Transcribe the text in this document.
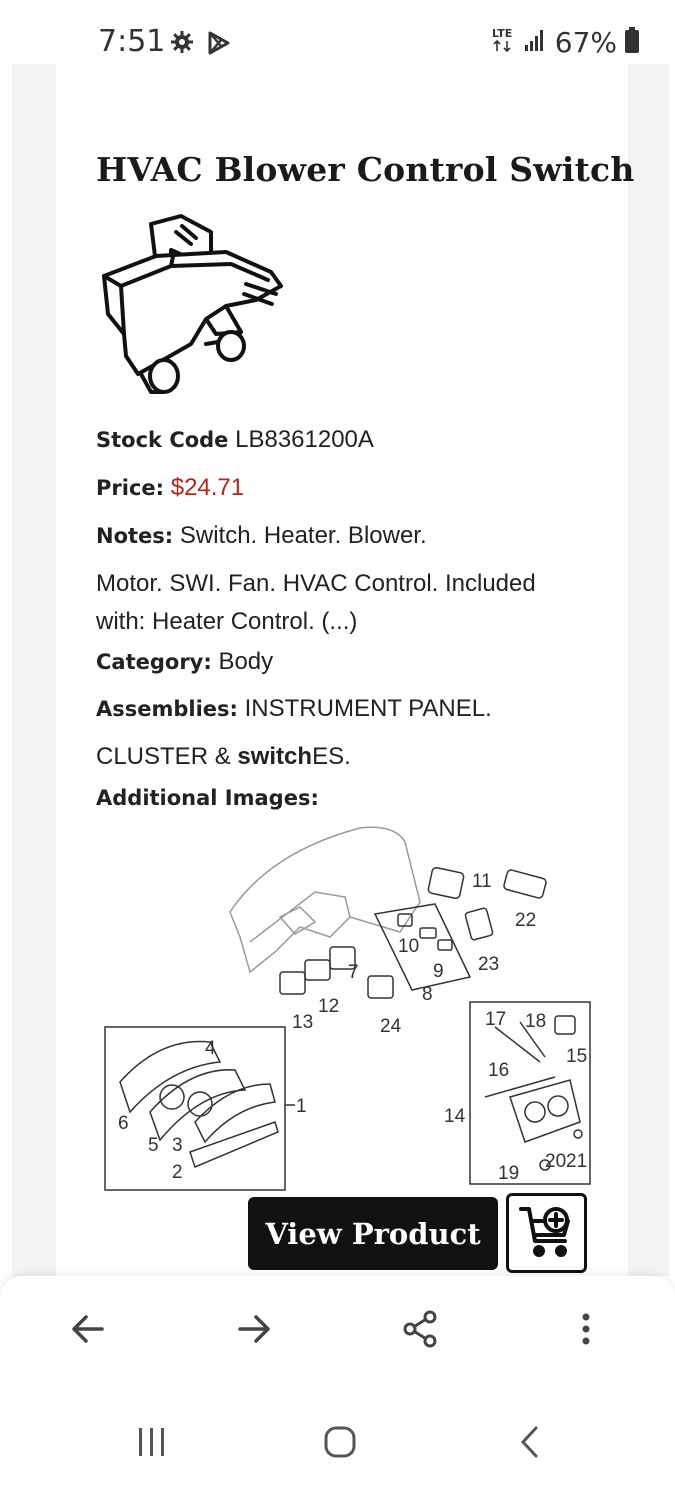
7:51	LTE 67%
HVAC Blower Control Switch
Stock Code LB8361200A
Price: $24.71
Notes: Switch. Heater. Blower.
Motor. SWI. Fan. HVAC Control. Included
with: Heater Control. (...)
Category: Body
Assemblies: INSTRUMENT PANEL.
CLUSTER & switchES.
Additional Images:
11
22
10
9 23
8
7
12
13	24
4
6
5 3
2
1
17 18
15
16
14
20 21
19
View Product
